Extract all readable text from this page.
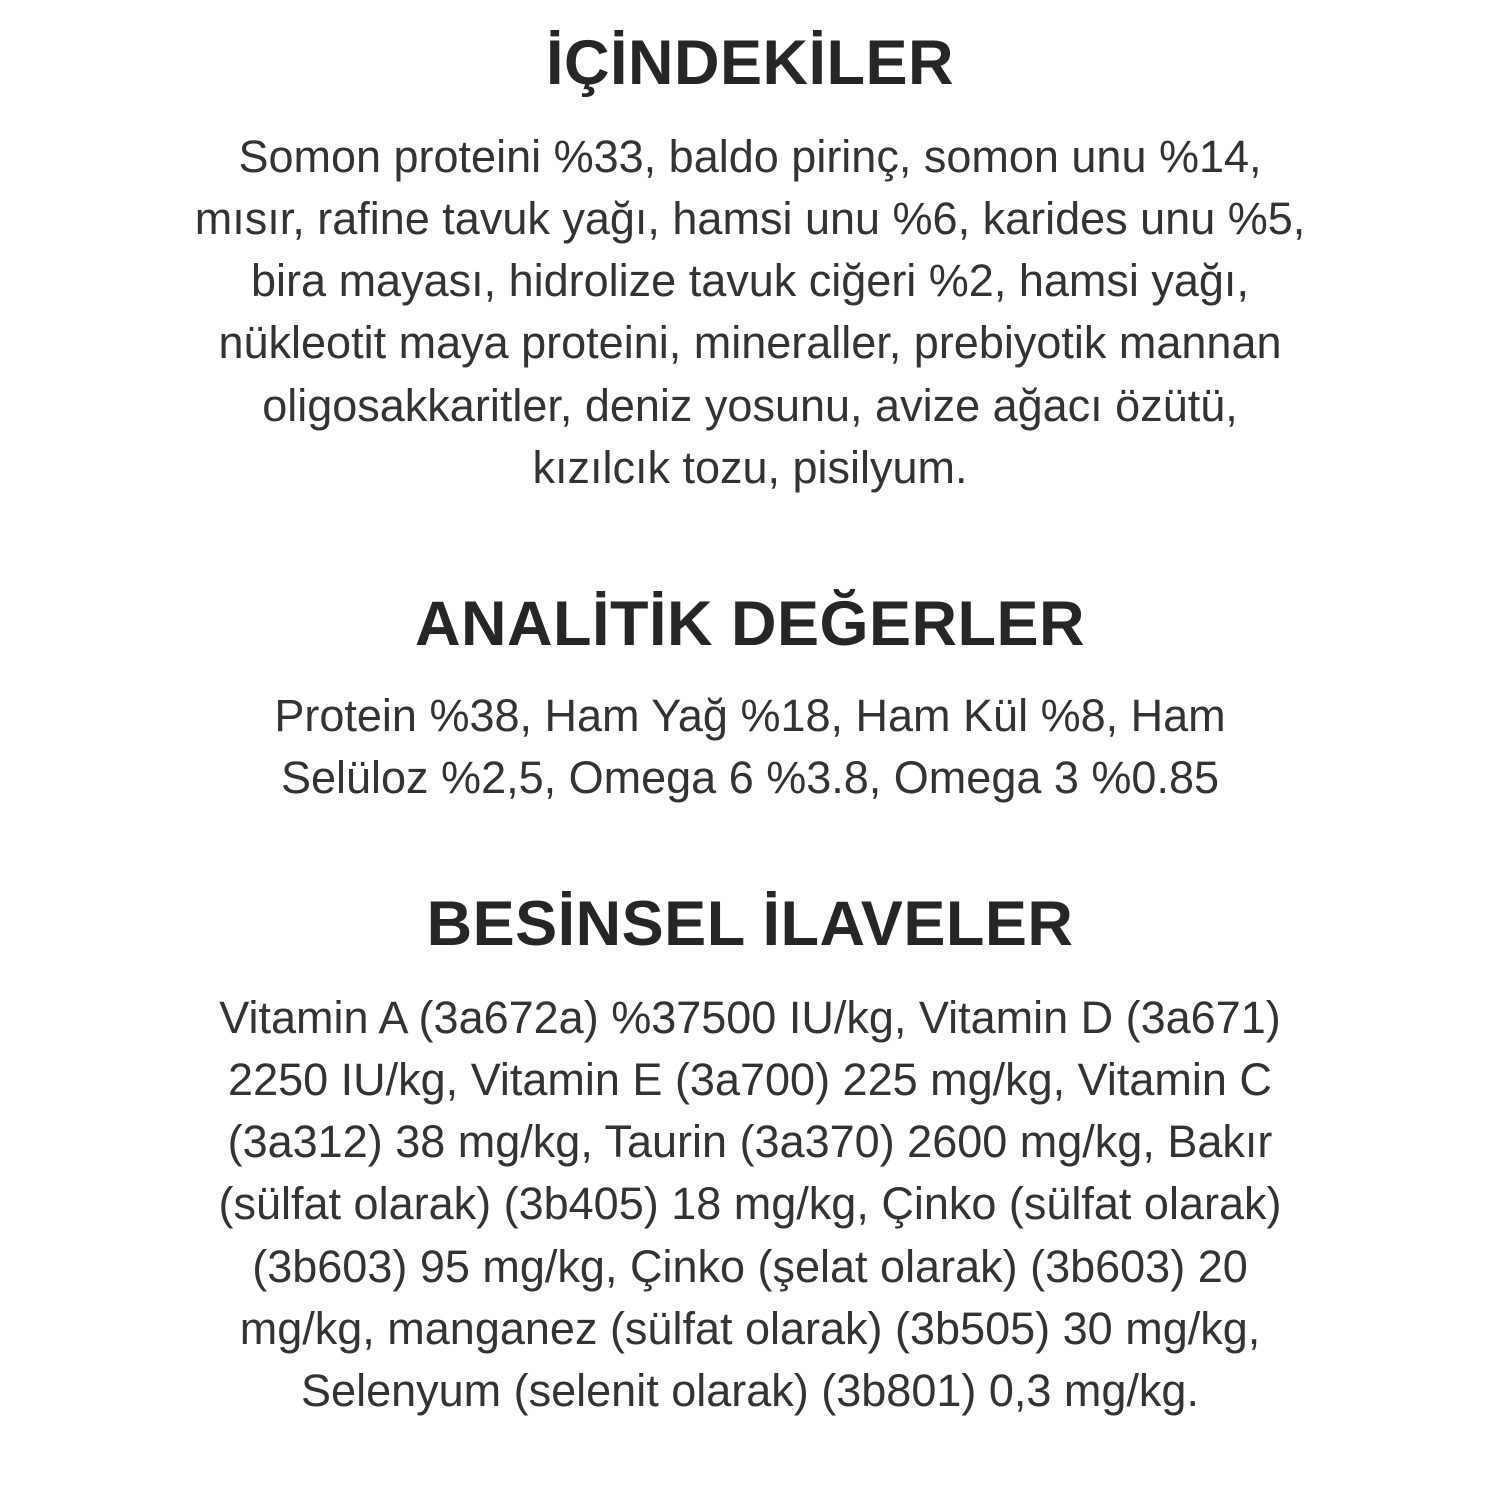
İÇİNDEKİLER
Somon proteini %33, baldo pirinç, somon unu %14, mısır, rafine tavuk yağı, hamsi unu %6, karides unu %5, bira mayası, hidrolize tavuk ciğeri %2, hamsi yağı, nükleotit maya proteini, mineraller, prebiyotik mannan oligosakkaritler, deniz yosunu, avize ağacı özütü, kızılcık tozu, pisilyum.
ANALİTİK DEĞERLER
Protein %38, Ham Yağ %18, Ham Kül %8, Ham Selüloz %2,5, Omega 6 %3.8, Omega 3 %0.85
BESİNSEL İLAVELER
Vitamin A (3a672a) %37500 IU/kg, Vitamin D (3a671) 2250 IU/kg, Vitamin E (3a700) 225 mg/kg, Vitamin C (3a312) 38 mg/kg, Taurin (3a370) 2600 mg/kg, Bakır (sülfat olarak) (3b405) 18 mg/kg, Çinko (sülfat olarak) (3b603) 95 mg/kg, Çinko (şelat olarak) (3b603) 20 mg/kg, manganez (sülfat olarak) (3b505) 30 mg/kg, Selenyum (selenit olarak) (3b801) 0,3 mg/kg.
